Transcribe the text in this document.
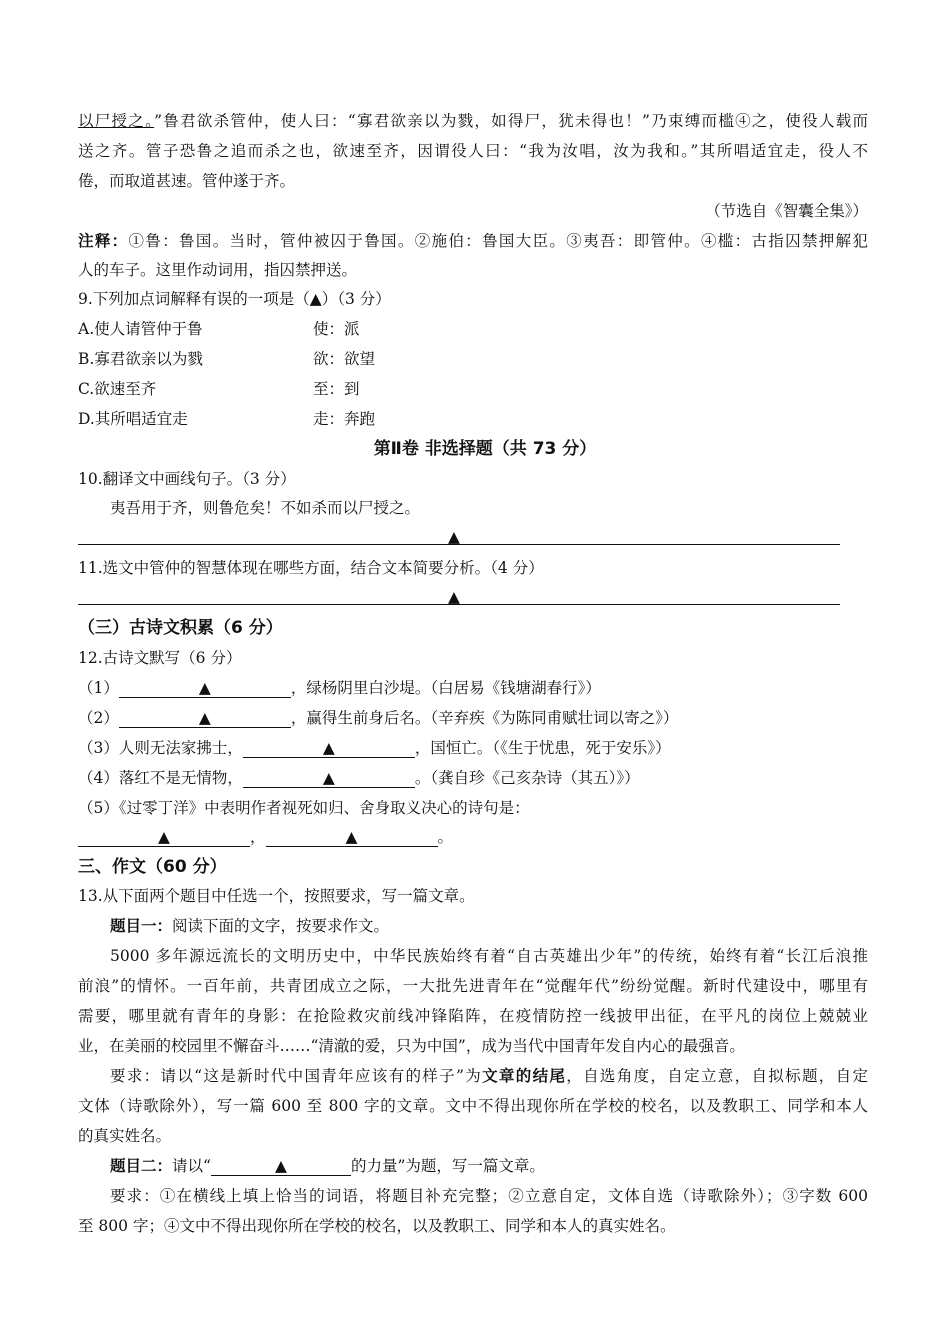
以尸授之。”鲁君欲杀管仲，使人曰：“寡君欲亲以为戮，如得尸，犹未得也！”乃束缚而槛④之，使役人载而
送之齐。管子恐鲁之追而杀之也，欲速至齐，因谓役人曰：“我为汝唱，汝为我和。”其所唱适宜走，役人不
倦，而取道甚速。管仲遂于齐。
（节选自《智囊全集》）
注释：①鲁：鲁国。当时，管仲被囚于鲁国。②施伯：鲁国大臣。③夷吾：即管仲。④槛：古指囚禁押解犯
人的车子。这里作动词用，指囚禁押送。
9.下列加点词解释有误的一项是（▲）（3 分）
A.使人请管仲于鲁	使：派
B.寡君欲亲以为戮	欲：欲望
C.欲速至齐	至：到
D.其所唱适宜走	走：奔跑
第Ⅱ卷 非选择题（共 73 分）
10.翻译文中画线句子。（3 分）
夷吾用于齐，则鲁危矣！不如杀而以尸授之。
▲
11.选文中管仲的智慧体现在哪些方面，结合文本简要分析。（4 分）
▲
（三）古诗文积累（6 分）
12.古诗文默写（6 分）
（1）	▲	，绿杨阴里白沙堤。（白居易《钱塘湖春行》）
（2）	▲	，赢得生前身后名。（辛弃疾《为陈同甫赋壮词以寄之》）
（3）人则无法家拂士，	▲	，国恒亡。（《生于忧患，死于安乐》）
（4）落红不是无情物，	▲	。（龚自珍《己亥杂诗（其五）》）
（5）《过零丁洋》中表明作者视死如归、舍身取义决心的诗句是：
▲	，	▲	。
三、作文（60 分）
13.从下面两个题目中任选一个，按照要求，写一篇文章。
题目一：阅读下面的文字，按要求作文。
5000 多年源远流长的文明历史中，中华民族始终有着“自古英雄出少年”的传统，始终有着“长江后浪推
前浪”的情怀。一百年前，共青团成立之际，一大批先进青年在“觉醒年代”纷纷觉醒。新时代建设中，哪里有
需要，哪里就有青年的身影：在抢险救灾前线冲锋陷阵，在疫情防控一线披甲出征，在平凡的岗位上兢兢业
业，在美丽的校园里不懈奋斗……“清澈的爱，只为中国”，成为当代中国青年发自内心的最强音。
要求：请以“这是新时代中国青年应该有的样子”为文章的结尾，自选角度，自定立意，自拟标题，自定
文体（诗歌除外），写一篇 600 至 800 字的文章。文中不得出现你所在学校的校名，以及教职工、同学和本人
的真实姓名。
题目二：请以“	▲	的力量”为题，写一篇文章。
要求：①在横线上填上恰当的词语，将题目补充完整；②立意自定，文体自选（诗歌除外）；③字数 600
至 800 字；④文中不得出现你所在学校的校名，以及教职工、同学和本人的真实姓名。
